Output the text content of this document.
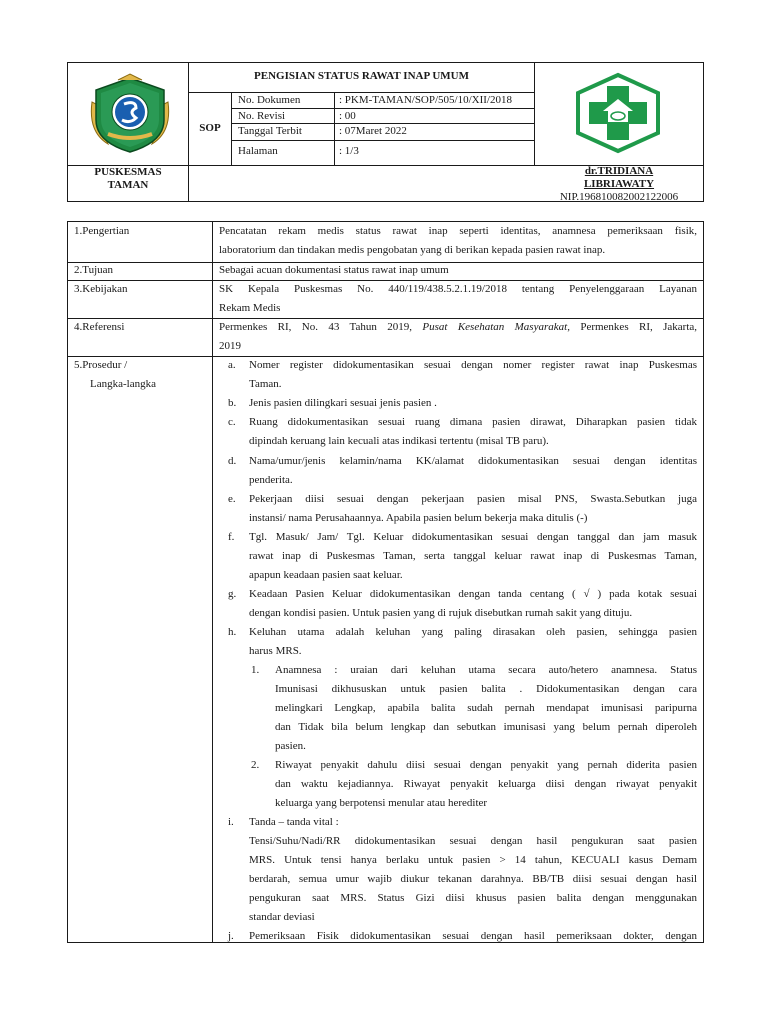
PUSKESMAS
TAMAN
PENGISIAN STATUS RAWAT INAP UMUM
SOP
No. Dokumen	: PKM-TAMAN/SOP/505/10/XII/2018
No. Revisi	: 00
Tanggal Terbit	: 07Maret 2022
Halaman	: 1/3
dr.TRIDIANA
LIBRIAWATY
NIP.196810082002122006
1.Pengertian	Pencatatan rekam medis status rawat inap seperti identitas, anamnesa pemeriksaan fisik,
laboratorium dan tindakan medis pengobatan yang di berikan kepada pasien rawat inap.
2.Tujuan	Sebagai acuan dokumentasi status rawat inap umum
3.Kebijakan	SK Kepala Puskesmas No. 440/119/438.5.2.1.19/2018 tentang Penyelenggaraan Layanan
Rekam Medis
4.Referensi	Permenkes RI, No. 43 Tahun 2019, Pusat Kesehatan Masyarakat, Permenkes RI, Jakarta,
2019
5.Prosedur /
Langka-langka
a. Nomer register didokumentasikan sesuai dengan nomer register rawat inap Puskesmas
Taman.
b. Jenis pasien dilingkari sesuai jenis pasien .
c. Ruang didokumentasikan sesuai ruang dimana pasien dirawat, Diharapkan pasien tidak
dipindah keruang lain kecuali atas indikasi tertentu (misal TB paru).
d. Nama/umur/jenis kelamin/nama KK/alamat didokumentasikan sesuai dengan identitas
penderita.
e. Pekerjaan diisi sesuai dengan pekerjaan pasien misal PNS, Swasta.Sebutkan juga
instansi/ nama Perusahaannya. Apabila pasien belum bekerja maka ditulis (-)
f. Tgl. Masuk/ Jam/ Tgl. Keluar didokumentasikan sesuai dengan tanggal dan jam masuk
rawat inap di Puskesmas Taman, serta tanggal keluar rawat inap di Puskesmas Taman,
apapun keadaan pasien saat keluar.
g. Keadaan Pasien Keluar didokumentasikan dengan tanda centang ( √ ) pada kotak sesuai
dengan kondisi pasien. Untuk pasien yang di rujuk disebutkan rumah sakit yang dituju.
h. Keluhan utama adalah keluhan yang paling dirasakan oleh pasien, sehingga pasien
harus MRS.
1. Anamnesa : uraian dari keluhan utama secara auto/hetero anamnesa. Status
Imunisasi dikhususkan untuk pasien balita . Didokumentasikan dengan cara
melingkari Lengkap, apabila balita sudah pernah mendapat imunisasi paripurna
dan Tidak bila belum lengkap dan sebutkan imunisasi yang belum pernah diperoleh
pasien.
2. Riwayat penyakit dahulu diisi sesuai dengan penyakit yang pernah diderita pasien
dan waktu kejadiannya. Riwayat penyakit keluarga diisi dengan riwayat penyakit
keluarga yang berpotensi menular atau herediter
i. Tanda – tanda vital :
Tensi/Suhu/Nadi/RR didokumentasikan sesuai dengan hasil pengukuran saat pasien
MRS. Untuk tensi hanya berlaku untuk pasien > 14 tahun, KECUALI kasus Demam
berdarah, semua umur wajib diukur tekanan darahnya. BB/TB diisi sesuai dengan hasil
pengukuran saat MRS. Status Gizi diisi khusus pasien balita dengan menggunakan
standar deviasi
j. Pemeriksaan Fisik didokumentasikan sesuai dengan hasil pemeriksaan dokter, dengan
